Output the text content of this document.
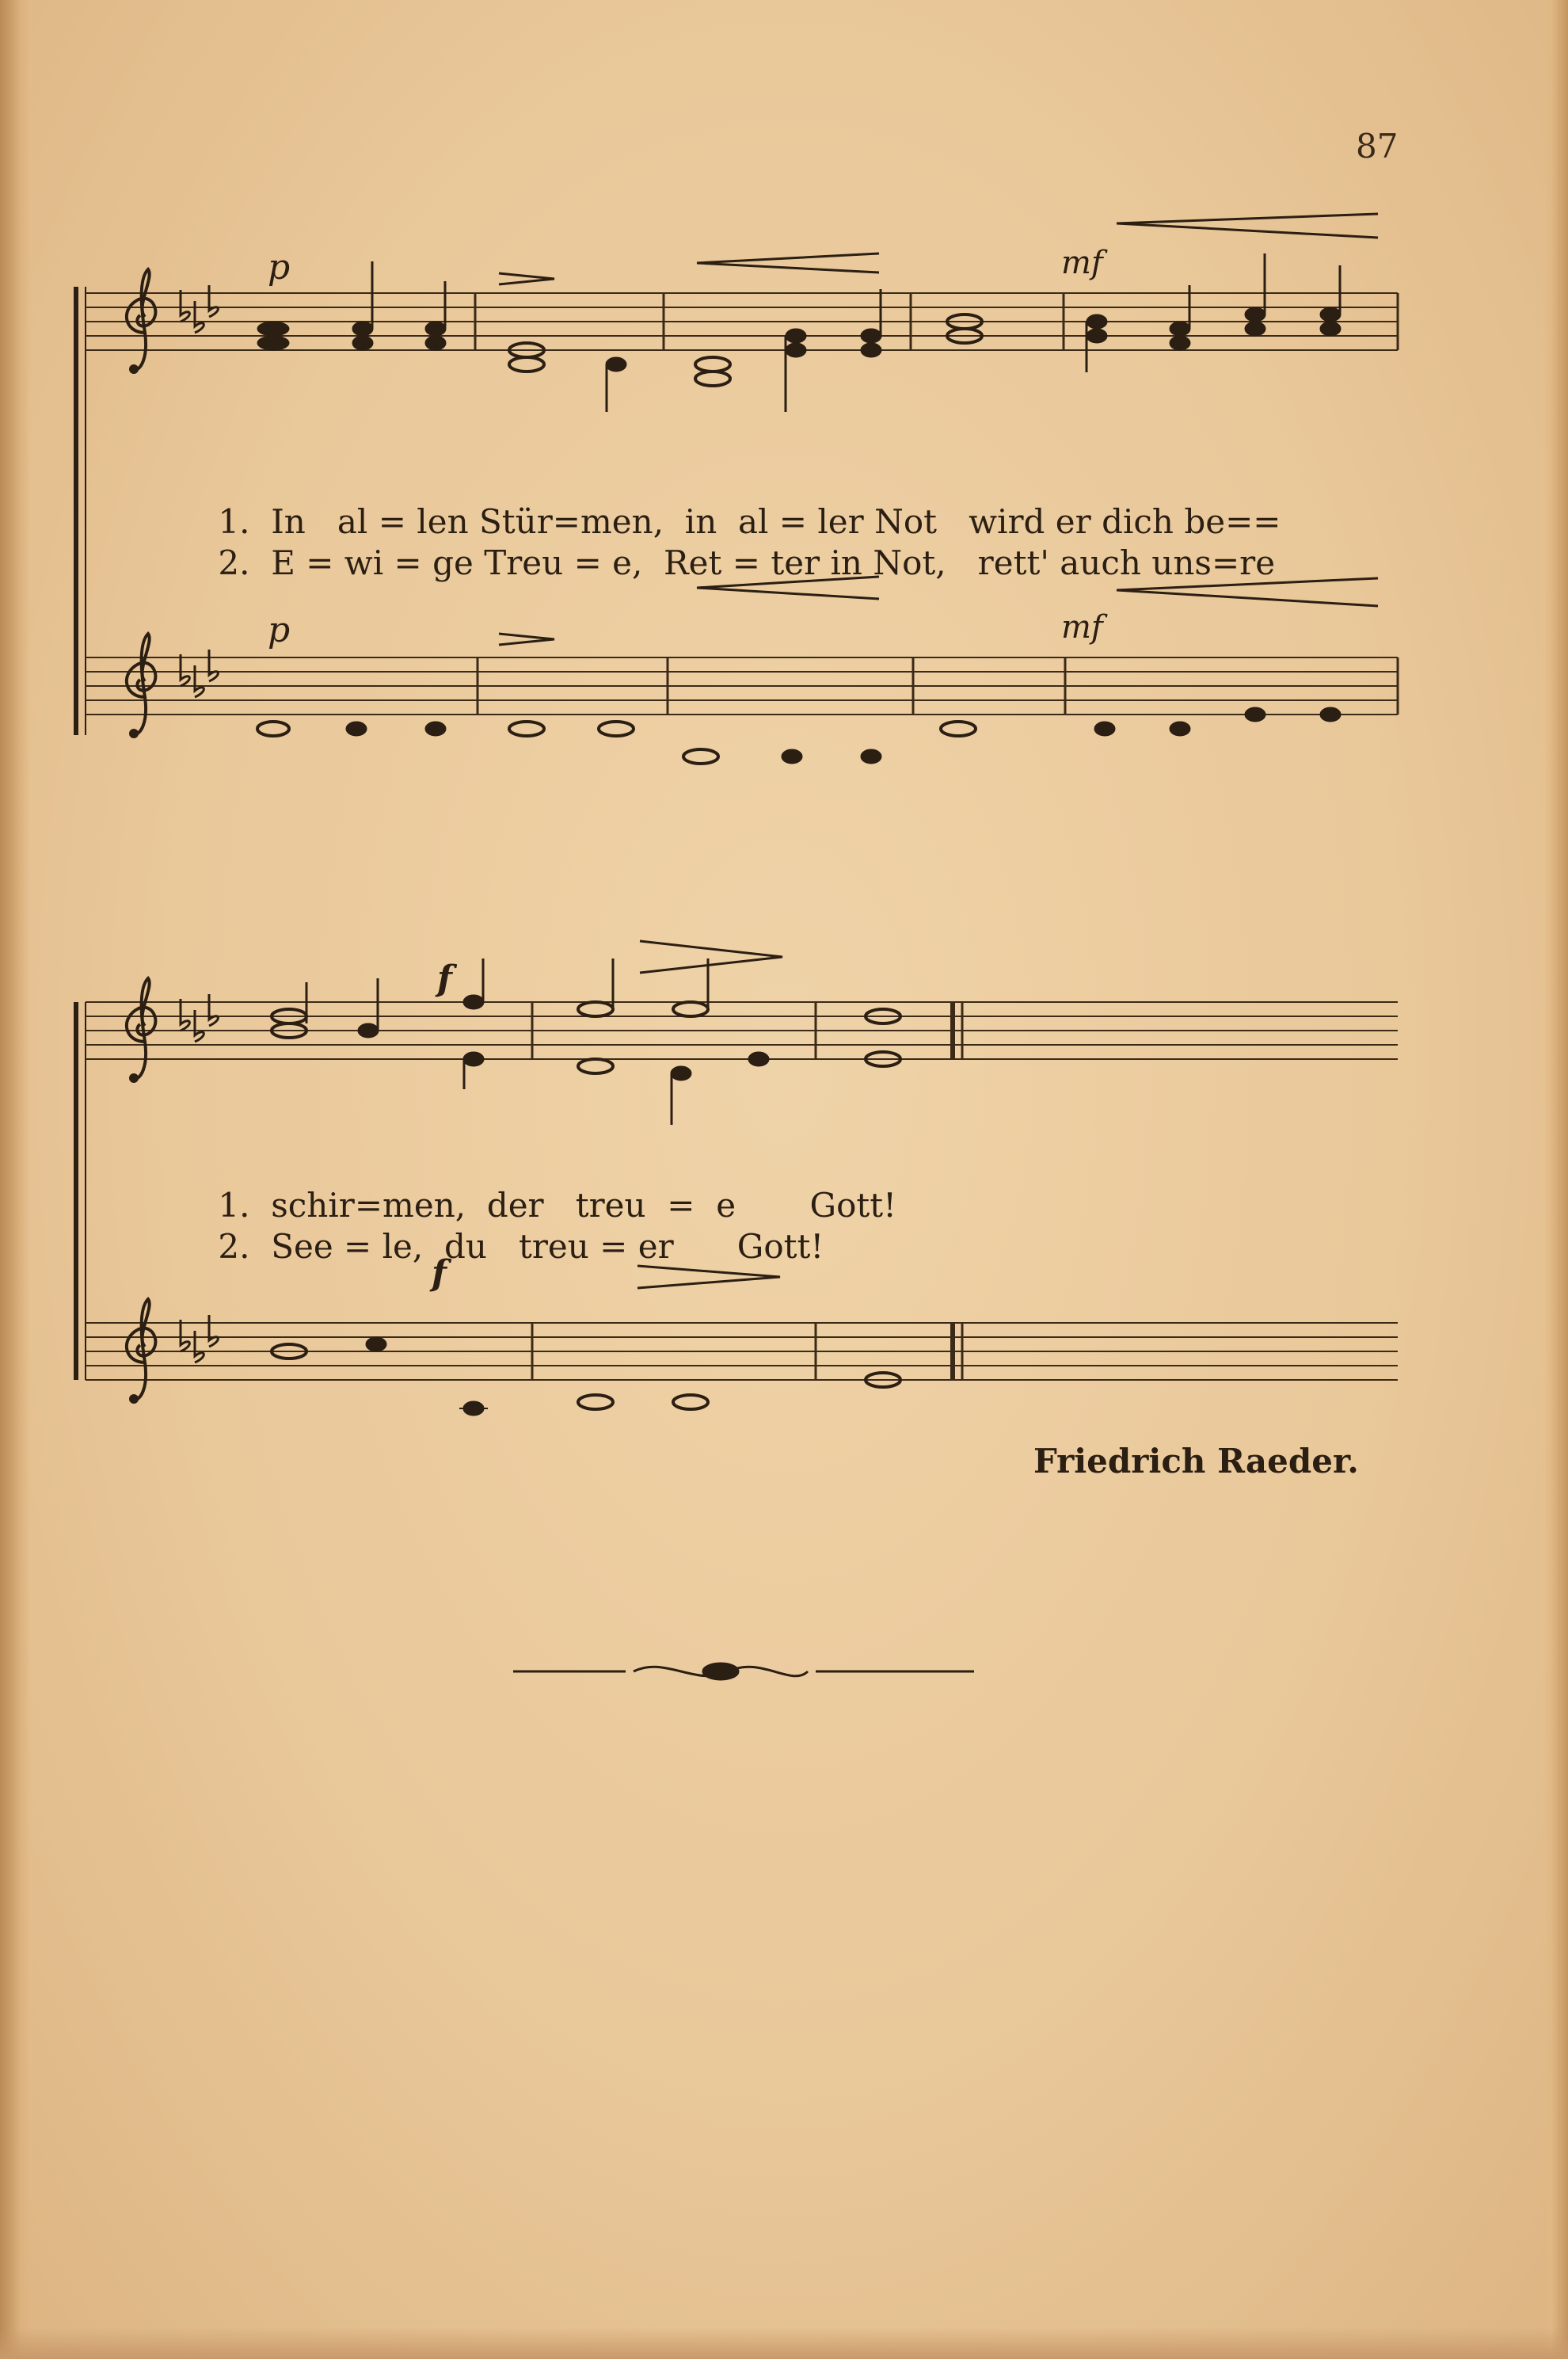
87
p	mf
p	mf
f
f

1. In al = len Stür=men, in al = ler Not wird er dich be==

2. E = wi = ge Treu = e, Ret = ter in Not, rett' auch uns=re

1. schir=men, der treu = e Gott!

2. See = le, du treu = er Gott!

Friedrich Raeder.
